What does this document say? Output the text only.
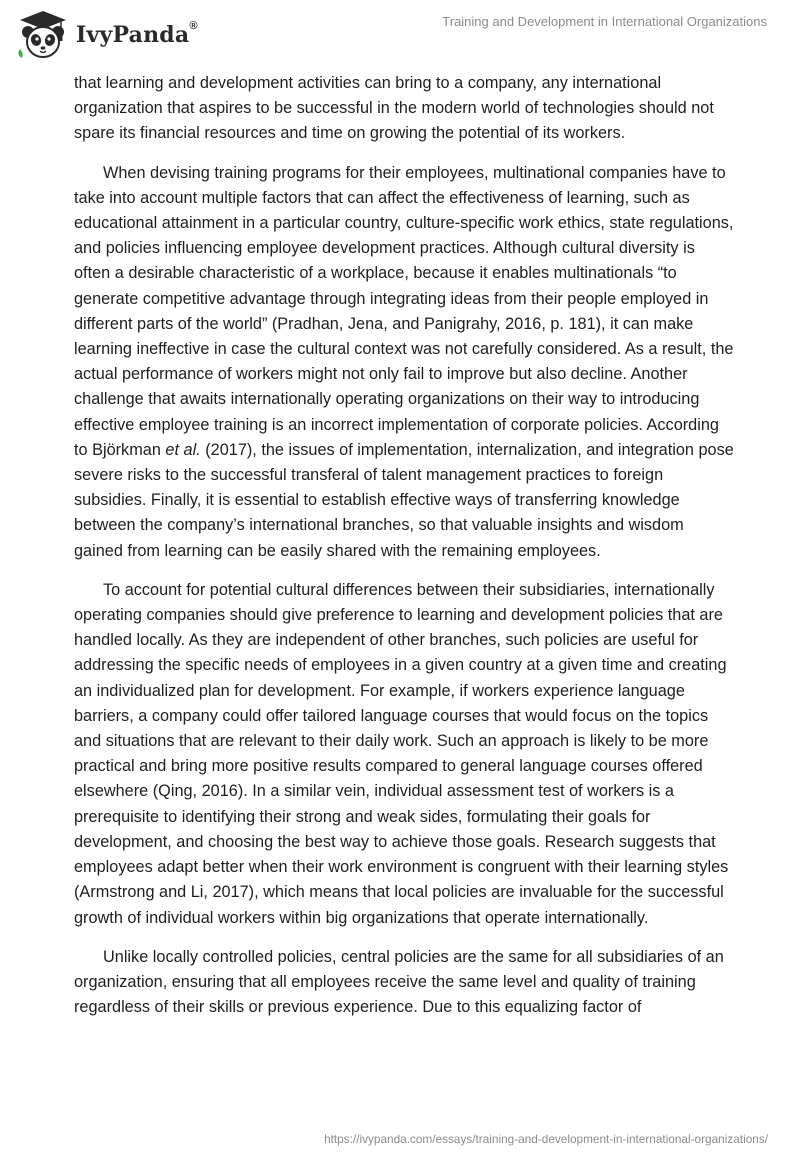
IvyPanda®	Training and Development in International Organizations

that learning and development activities can bring to a company, any international organization that aspires to be successful in the modern world of technologies should not spare its financial resources and time on growing the potential of its workers.

When devising training programs for their employees, multinational companies have to take into account multiple factors that can affect the effectiveness of learning, such as educational attainment in a particular country, culture-specific work ethics, state regulations, and policies influencing employee development practices. Although cultural diversity is often a desirable characteristic of a workplace, because it enables multinationals “to generate competitive advantage through integrating ideas from their people employed in different parts of the world” (Pradhan, Jena, and Panigrahy, 2016, p. 181), it can make learning ineffective in case the cultural context was not carefully considered. As a result, the actual performance of workers might not only fail to improve but also decline. Another challenge that awaits internationally operating organizations on their way to introducing effective employee training is an incorrect implementation of corporate policies. According to Björkman et al. (2017), the issues of implementation, internalization, and integration pose severe risks to the successful transferal of talent management practices to foreign subsidies. Finally, it is essential to establish effective ways of transferring knowledge between the company’s international branches, so that valuable insights and wisdom gained from learning can be easily shared with the remaining employees.

To account for potential cultural differences between their subsidiaries, internationally operating companies should give preference to learning and development policies that are handled locally. As they are independent of other branches, such policies are useful for addressing the specific needs of employees in a given country at a given time and creating an individualized plan for development. For example, if workers experience language barriers, a company could offer tailored language courses that would focus on the topics and situations that are relevant to their daily work. Such an approach is likely to be more practical and bring more positive results compared to general language courses offered elsewhere (Qing, 2016). In a similar vein, individual assessment test of workers is a prerequisite to identifying their strong and weak sides, formulating their goals for development, and choosing the best way to achieve those goals. Research suggests that employees adapt better when their work environment is congruent with their learning styles (Armstrong and Li, 2017), which means that local policies are invaluable for the successful growth of individual workers within big organizations that operate internationally.

Unlike locally controlled policies, central policies are the same for all subsidiaries of an organization, ensuring that all employees receive the same level and quality of training regardless of their skills or previous experience. Due to this equalizing factor of

https://ivypanda.com/essays/training-and-development-in-international-organizations/
